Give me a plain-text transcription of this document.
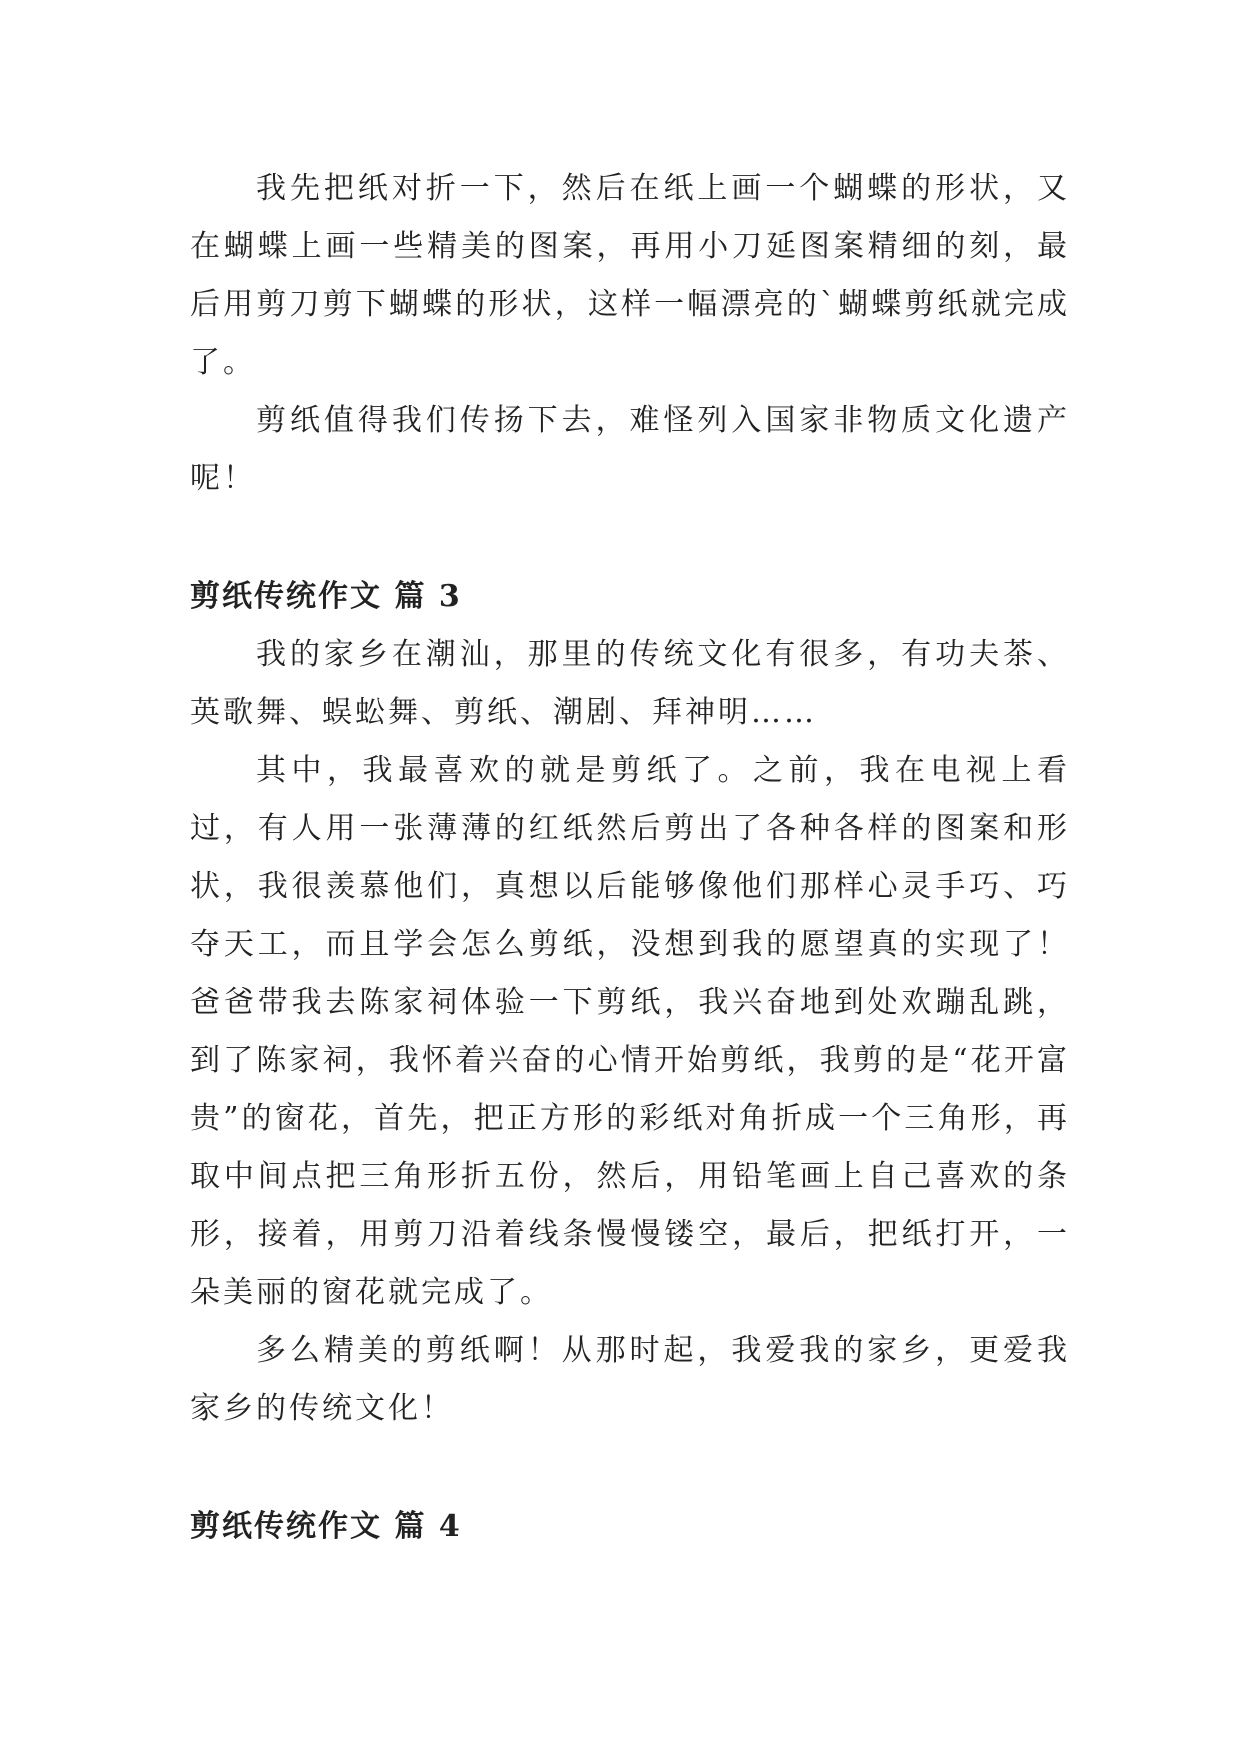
我先把纸对折一下，然后在纸上画一个蝴蝶的形状，又在蝴蝶上画一些精美的图案，再用小刀延图案精细的刻，最后用剪刀剪下蝴蝶的形状，这样一幅漂亮的`蝴蝶剪纸就完成了。

剪纸值得我们传扬下去，难怪列入国家非物质文化遗产呢！

剪纸传统作文 篇 3

我的家乡在潮汕，那里的传统文化有很多，有功夫茶、英歌舞、蜈蚣舞、剪纸、潮剧、拜神明……

其中，我最喜欢的就是剪纸了。之前，我在电视上看过，有人用一张薄薄的红纸然后剪出了各种各样的图案和形状，我很羡慕他们，真想以后能够像他们那样心灵手巧、巧夺天工，而且学会怎么剪纸，没想到我的愿望真的实现了！爸爸带我去陈家祠体验一下剪纸，我兴奋地到处欢蹦乱跳，到了陈家祠，我怀着兴奋的心情开始剪纸，我剪的是“花开富贵”的窗花，首先，把正方形的彩纸对角折成一个三角形，再取中间点把三角形折五份，然后，用铅笔画上自己喜欢的条形，接着，用剪刀沿着线条慢慢镂空，最后，把纸打开，一朵美丽的窗花就完成了。

多么精美的剪纸啊！从那时起，我爱我的家乡，更爱我家乡的传统文化！

剪纸传统作文 篇 4
